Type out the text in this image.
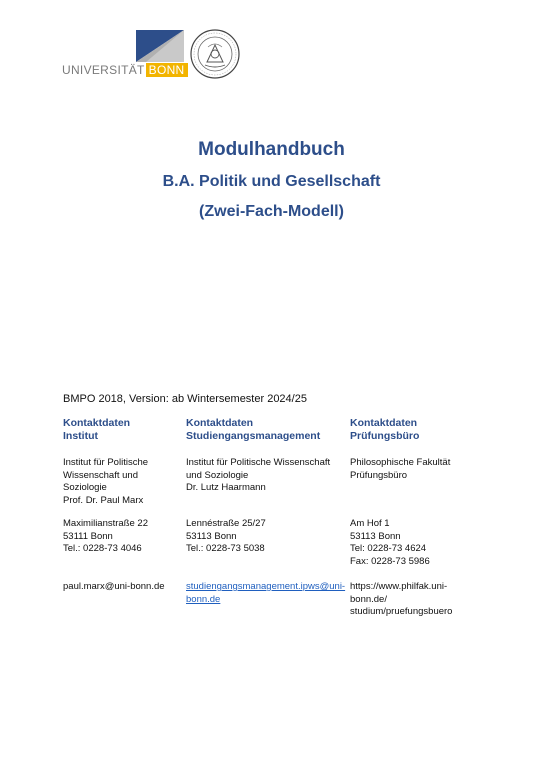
UNIVERSITÄT BONN
Modulhandbuch
B.A. Politik und Gesellschaft
(Zwei-Fach-Modell)
BMPO 2018, Version: ab Wintersemester 2024/25
Kontaktdaten
Institut
Institut für Politische
Wissenschaft und
Soziologie
Prof. Dr. Paul Marx
Maximilianstraße 22
53111 Bonn
Tel.: 0228-73 4046
paul.marx@uni-bonn.de
Kontaktdaten
Studiengangsmanagement
Institut für Politische Wissenschaft
und Soziologie
Dr. Lutz Haarmann
Lennéstraße 25/27
53113 Bonn
Tel.: 0228-73 5038
studiengangsmanagement.ipws@uni-
bonn.de
Kontaktdaten
Prüfungsbüro
Philosophische Fakultät
Prüfungsbüro
Am Hof 1
53113 Bonn
Tel: 0228-73 4624
Fax: 0228-73 5986
https://www.philfak.uni-
bonn.de/
studium/pruefungsbuero
